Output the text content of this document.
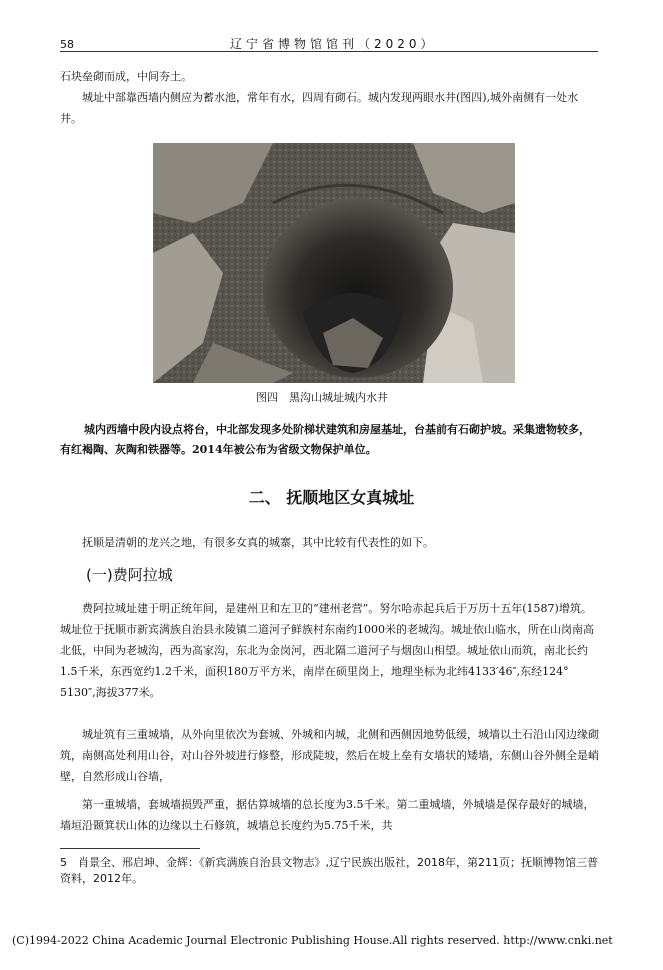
58	辽宁省博物馆馆刊（2020）
石块垒砌而成，中间夯土。
城址中部靠西墙内侧应为蓄水池，常年有水，四周有砌石。城内发现两眼水井(图四),城外南侧有一处水井。
图四　黑沟山城址城内水井
城内西墙中段内设点将台，中北部发现多处阶梯状建筑和房屋基址，台基前有石砌护坡。采集遗物较多，有红褐陶、灰陶和铁器等。2014年被公布为省级文物保护单位。
二、 抚顺地区女真城址
抚顺是清朝的龙兴之地，有很多女真的城寨，其中比较有代表性的如下。
(一)费阿拉城
费阿拉城址建于明正统年间，是建州卫和左卫的“建州老营”。努尔哈赤起兵后于万历十五年(1587)增筑。城址位于抚顺市新宾满族自治县永陵镇二道河子鲜族村东南约1000米的老城沟。城址依山临水，所在山岗南高北低，中间为老城沟，西为高家沟，东北为金岗河，西北隔二道河子与烟囱山相望。城址依山而筑，南北长约1.5千米，东西宽约1.2千米，面积180万平方米，南岸在硕里岗上，地理坐标为北纬4133′46″,东经124° 5130″,海拔377米。
城址筑有三重城墙，从外向里依次为套城、外城和内城，北侧和西侧因地势低缓，城墙以土石沿山冈边缘砌筑，南侧高处利用山谷，对山谷外坡进行修整，形成陡坡，然后在坡上垒有女墙状的矮墙，东侧山谷外侧全是峭壁，自然形成山谷墙，
第一重城墙，套城墙损毁严重，据估算城墙的总长度为3.5千米。第二重城墙，外城墙是保存最好的城墙，墙垣沿颞箕状山体的边缘以土石修筑，城墙总长度约为5.75千米，共
5　肖景全、邢启坤、金辉：《新宾满族自治县文物志》,辽宁民族出版社，2018年，第211页；抚顺博物馆三普资料，2012年。
(C)1994-2022 China Academic Journal Electronic Publishing House.All rights reserved. http://www.cnki.net
